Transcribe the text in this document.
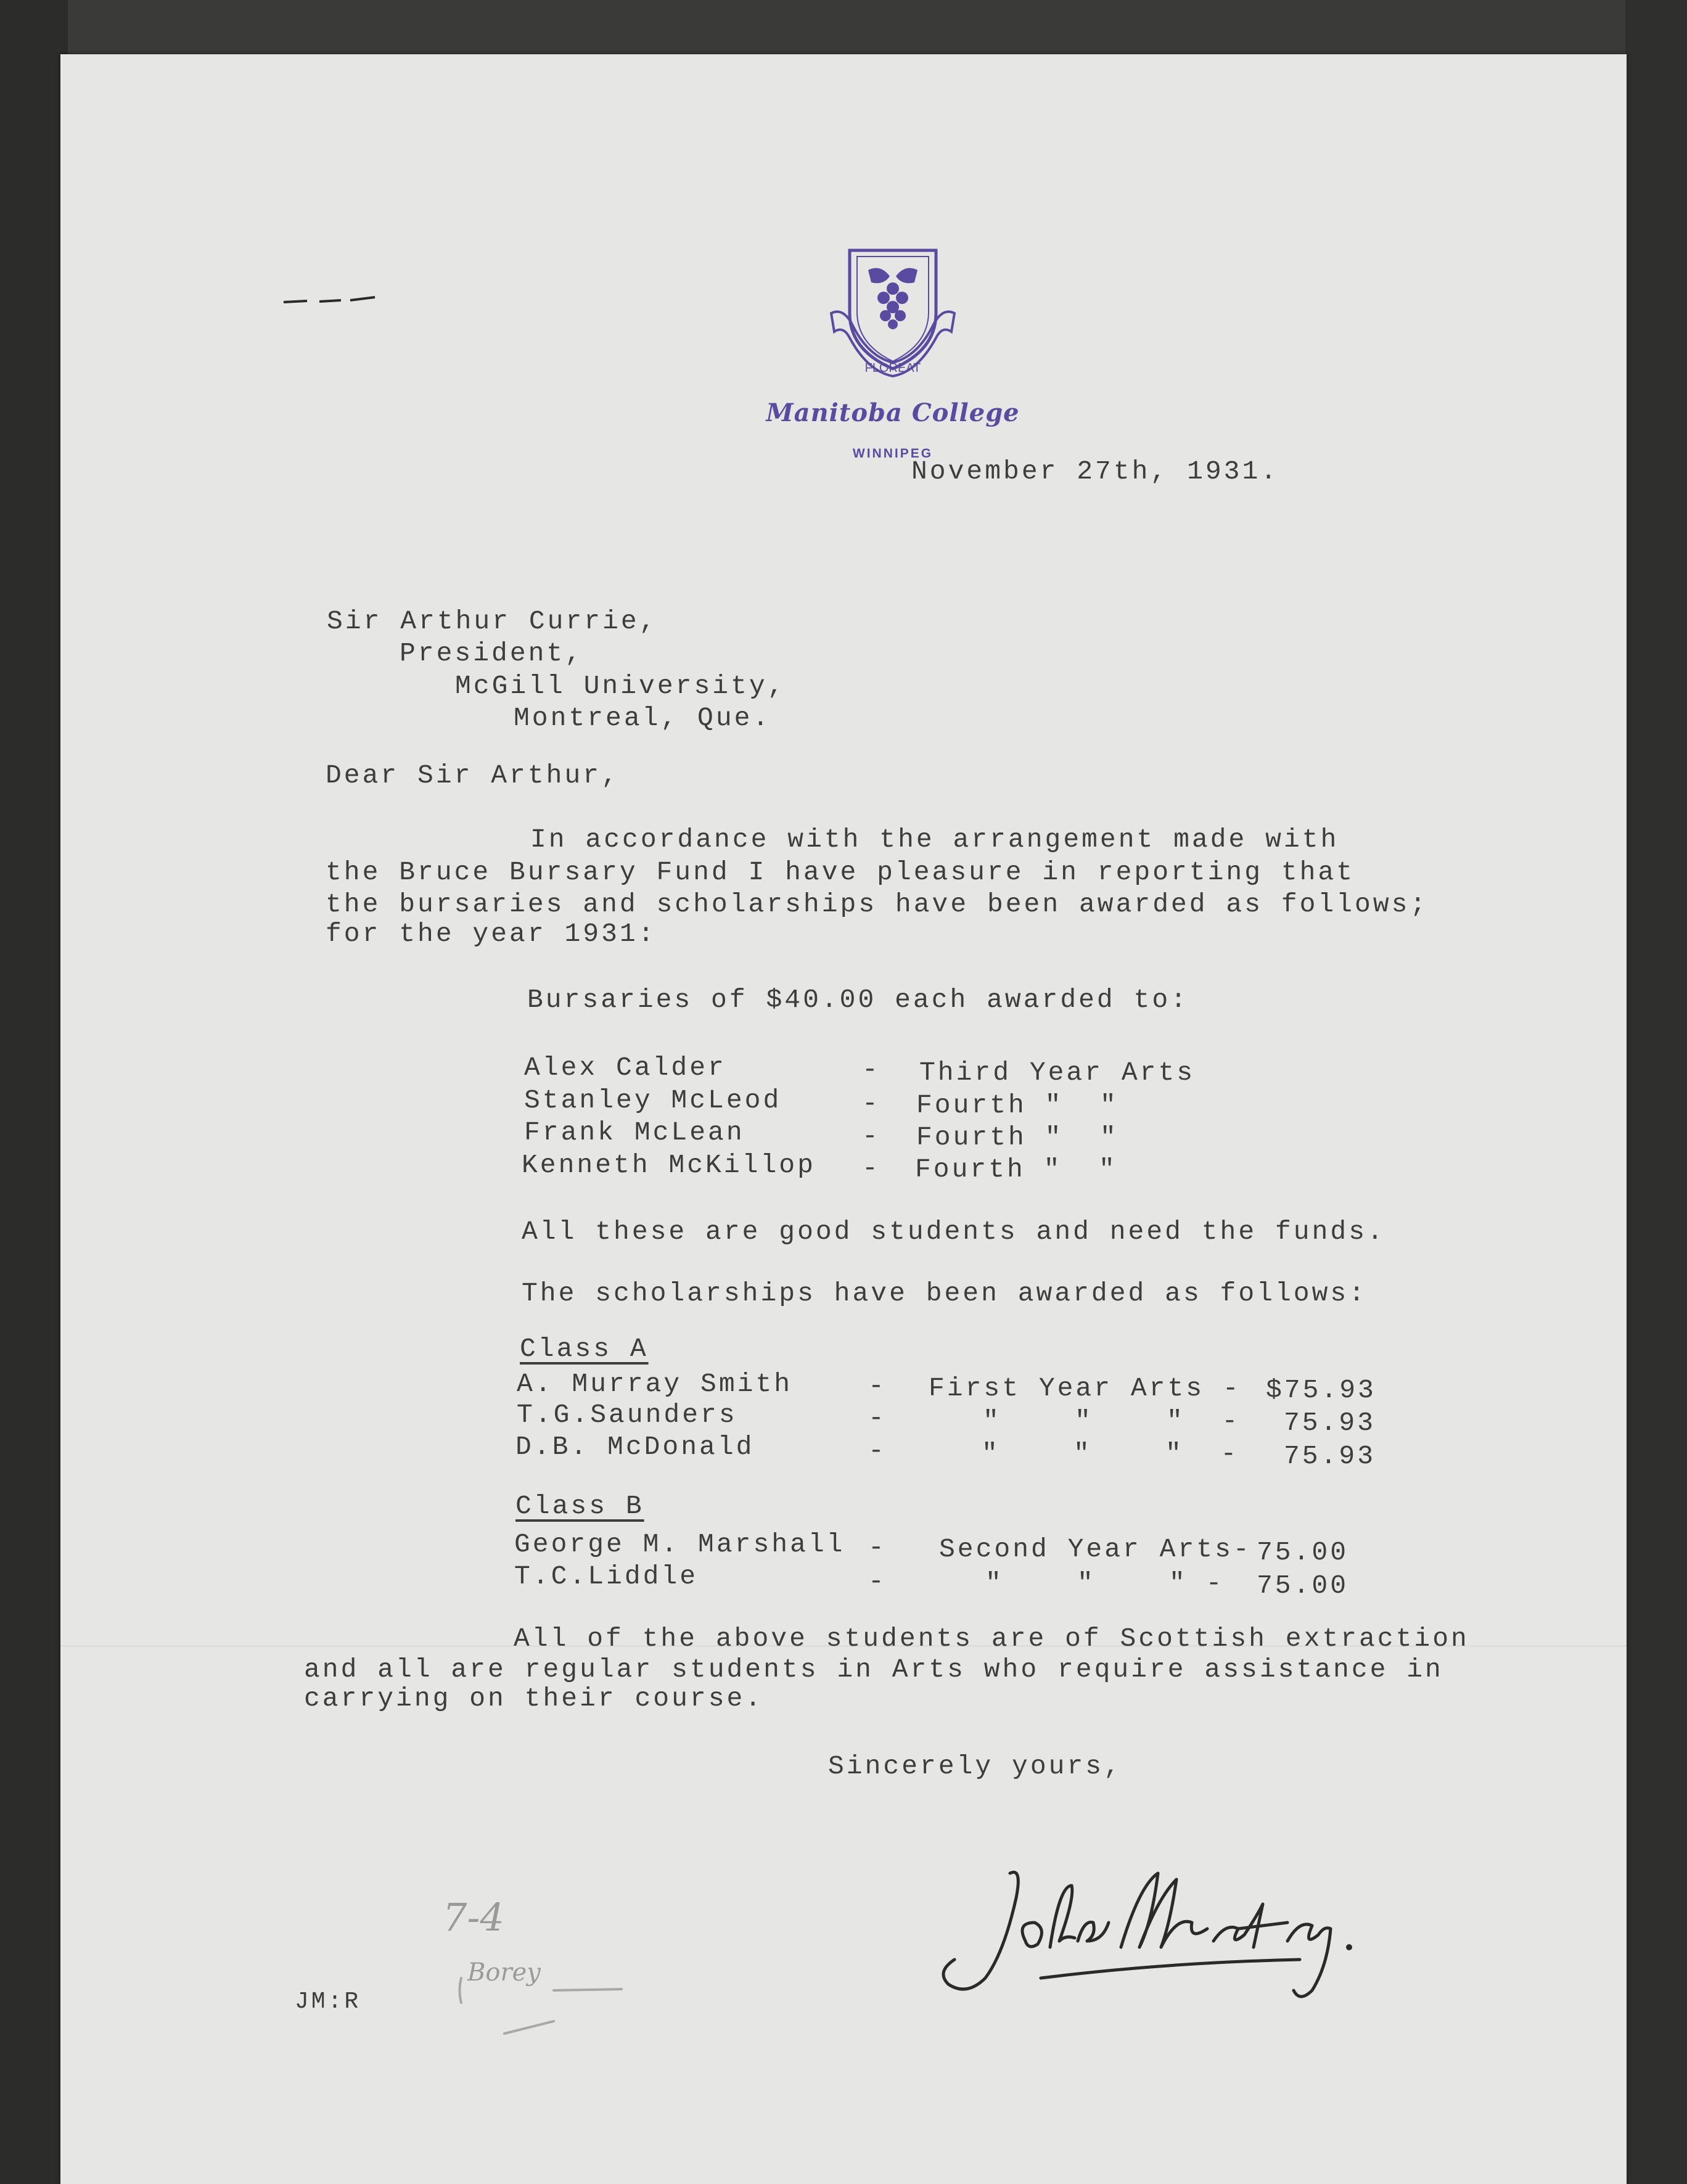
FLOREAT
Manitoba College
WINNIPEG
November 27th, 1931.
Sir Arthur Currie,
President,
McGill University,
Montreal, Que.
Dear Sir Arthur,
In accordance with the arrangement made with
the Bruce Bursary Fund I have pleasure in reporting that
the bursaries and scholarships have been awarded as follows;
for the year 1931:
Bursaries of $40.00 each awarded to:
Alex Calder	- Third Year Arts
Stanley McLeod	- Fourth "  "
Frank McLean	- Fourth "  "
Kenneth McKillop - Fourth "  "
All these are good students and need the funds.
The scholarships have been awarded as follows:
Class A
A. Murray Smith	- First Year Arts - $75.93
T.G.Saunders	-	"    "    "  - 75.93
D.B. McDonald	-	"    "    "  - 75.93
Class B
George M. Marshall - Second Year Arts- 75.00
T.C.Liddle	-	"    "    " - 75.00
All of the above students are of Scottish extraction
and all are regular students in Arts who require assistance in
carrying on their course.
Sincerely yours,
John MacKay
7-4
Borey
JM:R
